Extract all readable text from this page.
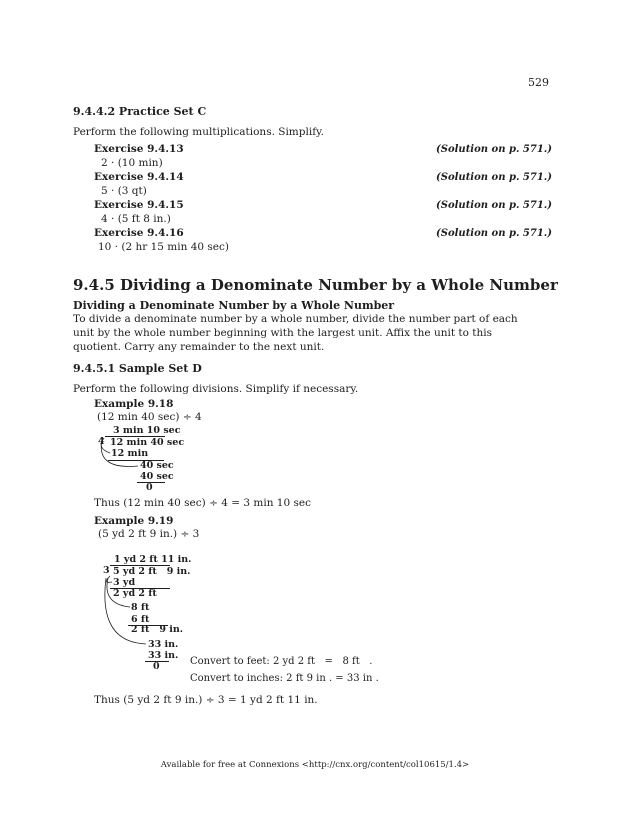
529
9.4.4.2 Practice Set C
Perform the following multiplications. Simplify.
Exercise 9.4.13	(Solution on p. 571.)
2 · (10 min)
Exercise 9.4.14	(Solution on p. 571.)
5 · (3 qt)
Exercise 9.4.15	(Solution on p. 571.)
4 · (5 ft 8 in.)
Exercise 9.4.16	(Solution on p. 571.)
10 · (2 hr 15 min 40 sec)
9.4.5 Dividing a Denominate Number by a Whole Number
Dividing a Denominate Number by a Whole Number
To divide a denominate number by a whole number, divide the number part of each unit by the whole number beginning with the largest unit. Affix the unit to this quotient. Carry any remainder to the next unit.
9.4.5.1 Sample Set D
Perform the following divisions. Simplify if necessary.
Example 9.18
(12 min 40 sec) ÷ 4
3 min 10 sec
4 12 min 40 sec
12 min
40 sec
40 sec
0
Thus (12 min 40 sec) ÷ 4 = 3 min 10 sec
Example 9.19
(5 yd 2 ft 9 in.) ÷ 3
1 yd 2 ft 11 in.
3 5 yd 2 ft   9 in.
3 yd
2 yd 2 ft
8 ft
6 ft
2 ft   9 in.
33 in.
33 in.
0	Convert to feet: 2 yd 2 ft   =   8 ft   .
Convert to inches: 2 ft 9 in . = 33 in .
Thus (5 yd 2 ft 9 in.) ÷ 3 = 1 yd 2 ft 11 in.
Available for free at Connexions <http://cnx.org/content/col10615/1.4>
